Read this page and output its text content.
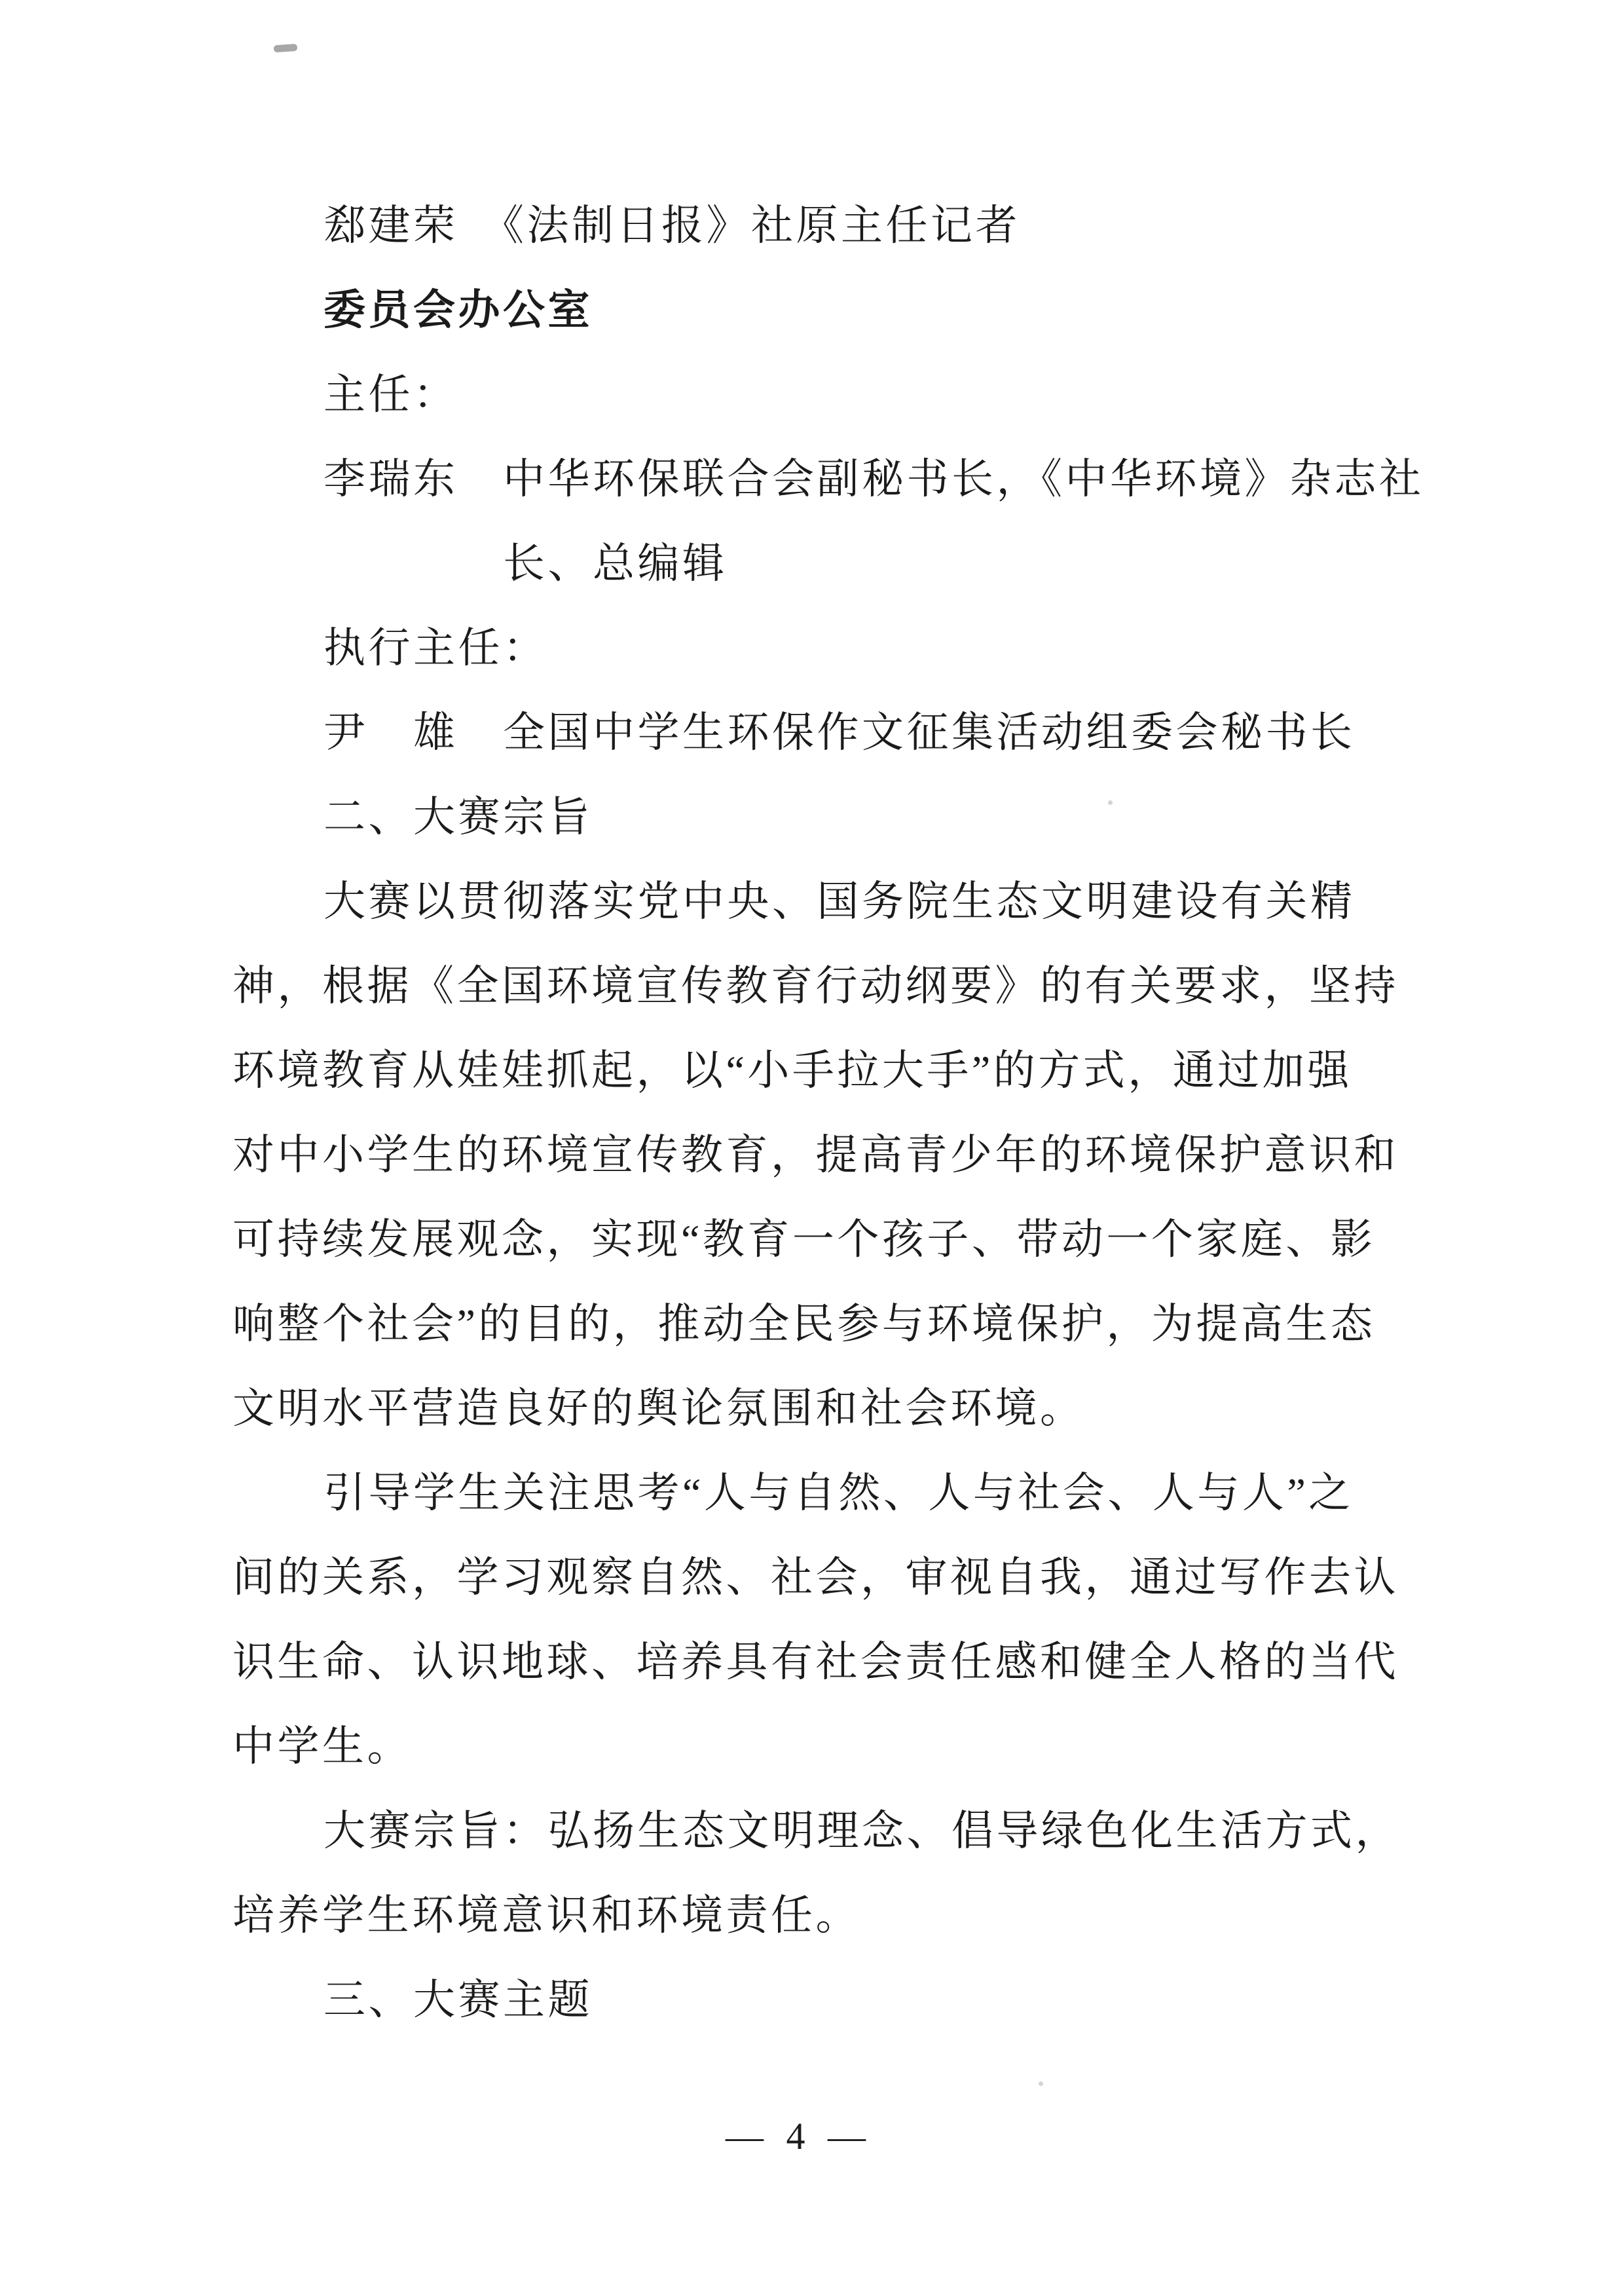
郄建荣　《法制日报》社原主任记者
委员会办公室
主任：
李瑞东　中华环保联合会副秘书长，《中华环境》杂志社
长、总编辑
执行主任：
尹　雄　全国中学生环保作文征集活动组委会秘书长
二、大赛宗旨
大赛以贯彻落实党中央、国务院生态文明建设有关精
神，根据《全国环境宣传教育行动纲要》的有关要求，坚持
环境教育从娃娃抓起，以“小手拉大手”的方式，通过加强
对中小学生的环境宣传教育，提高青少年的环境保护意识和
可持续发展观念，实现“教育一个孩子、带动一个家庭、影
响整个社会”的目的，推动全民参与环境保护，为提高生态
文明水平营造良好的舆论氛围和社会环境。
引导学生关注思考“人与自然、人与社会、人与人”之
间的关系，学习观察自然、社会，审视自我，通过写作去认
识生命、认识地球、培养具有社会责任感和健全人格的当代
中学生。
大赛宗旨：弘扬生态文明理念、倡导绿色化生活方式，
培养学生环境意识和环境责任。
三、大赛主题
— 4 —
